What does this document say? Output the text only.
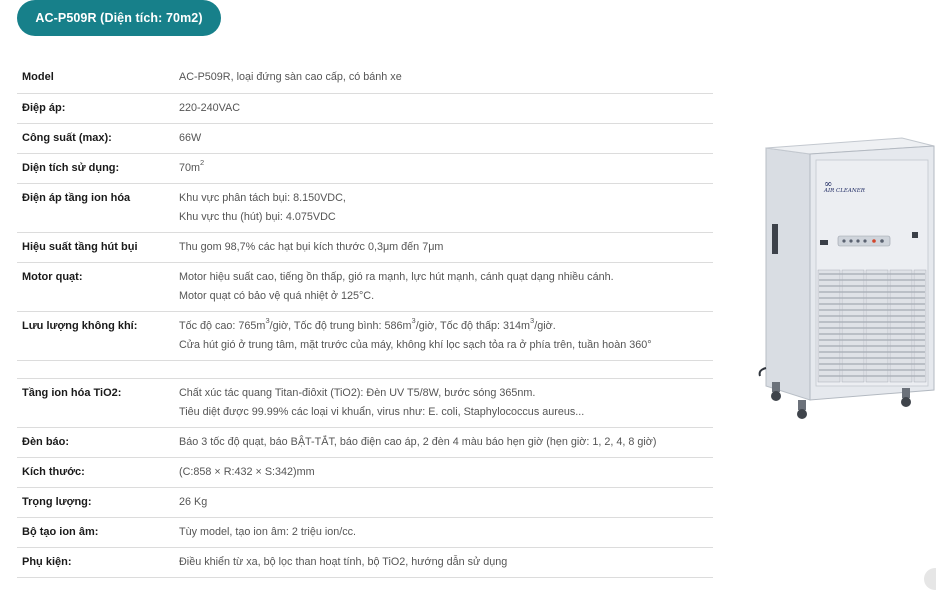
AC-P509R (Diện tích: 70m2)
Model	AC-P509R, loại đứng sàn cao cấp, có bánh xe

Điệp áp:	220-240VAC

Công suất (max):	66W

Diện tích sử dụng:	$70m^2$

Điện áp tầng ion hóa	Khu vực phân tách bụi: 8.150VDC,
Khu vực thu (hút) bụi: 4.075VDC

Hiệu suất tầng hút bụi	Thu gom 98,7% các hạt bụi kích thước 0,3μm đến 7μm

Motor quạt:	Motor hiệu suất cao, tiếng ồn thấp, gió ra mạnh, lực hút mạnh, cánh quạt dạng nhiều cánh.
Motor quạt có bảo vệ quá nhiệt ở 125°C.

Lưu lượng không khí:	Tốc độ cao: $765m^3$/giờ, Tốc độ trung bình: $586m^3$/giờ, Tốc độ thấp: $314m^3$/giờ.
Cửa hút gió ở trung tâm, mặt trước của máy, không khí lọc sạch tỏa ra ở phía trên, tuần hoàn 360°

Tầng ion hóa TiO2:	Chất xúc tác quang Titan-điôxit (TiO2): Đèn UV T5/8W, bước sóng 365nm.
Tiêu diệt được 99.99% các loại vi khuẩn, virus như: E. coli, Staphylococcus aureus...

Đèn báo:	Báo 3 tốc độ quạt, báo BẬT-TẮT, báo điện cao áp, 2 đèn 4 màu báo hẹn giờ (hẹn giờ: 1, 2, 4, 8 giờ)

Kích thước:	(C:858 × R:432 × S:342)mm

Trọng lượng:	26 Kg

Bộ tạo ion âm:	Tùy model, tạo ion âm: 2 triệu ion/cc.

Phụ kiện:	Điều khiển từ xa, bộ lọc than hoạt tính, bộ TiO2, hướng dẫn sử dụng
∞
AIR CLEANER
